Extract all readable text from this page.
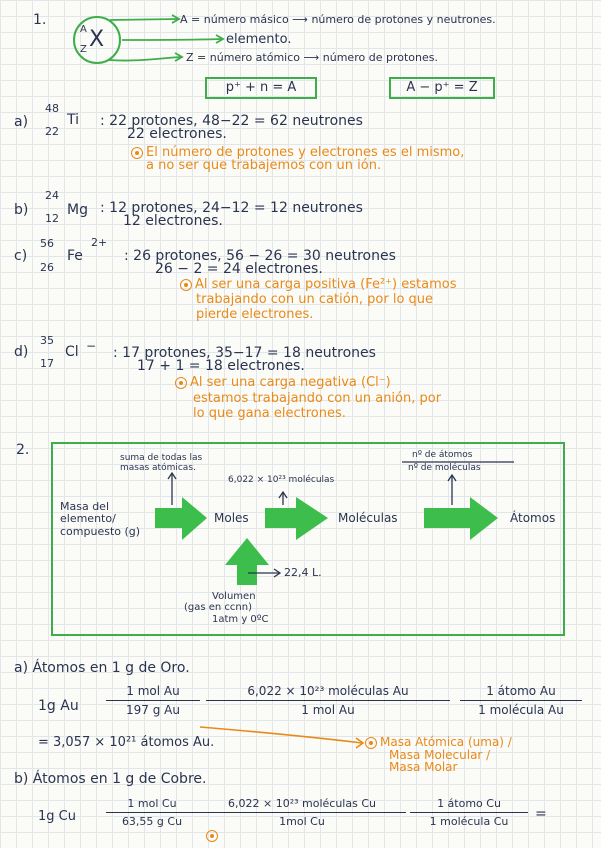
1.
A X
Z
A = número másico ⟶ número de protones y neutrones.
elemento.
Z = número atómico ⟶ número de protones.
p⁺ + n = A	A − p⁺ = Z
a)
48
22
Ti : 22 protones, 48−22 = 62 neutrones
22 electrones.
El número de protones y electrones es el mismo,
a no ser que trabajemos con un ión.
b)
24
12
Mg : 12 protones, 24−12 = 12 neutrones
12 electrones.
c)
56
26
Fe
2+
: 26 protones, 56 − 26 = 30 neutrones
26 − 2 = 24 electrones.
Al ser una carga positiva (Fe²⁺) estamos
trabajando con un catión, por lo que
pierde electrones.
d)
35
17
Cl − : 17 protones, 35−17 = 18 neutrones
17 + 1 = 18 electrones.
Al ser una carga negativa (Cl⁻)
estamos trabajando con un anión, por
lo que gana electrones.
2.	suma de todas las
masas atómicas.
6,022 × 10²³ moléculas
nº de átomos
nº de moléculas
Masa del
elemento/
compuesto (g)
Moles	Moléculas	Átomos
22,4 L.
Volumen
(gas en ccnn)
1atm y 0ºC
a) Átomos en 1 g de Oro.
1g Au
1 mol Au
197 g Au
6,022 × 10²³ moléculas Au
1 mol Au
1 átomo Au
1 molécula Au
= 3,057 × 10²¹ átomos Au.	Masa Atómica (uma) /
Masa Molecular /
Masa Molar
b) Átomos en 1 g de Cobre.
1g Cu
1 mol Cu
63,55 g Cu
6,022 × 10²³ moléculas Cu
1mol Cu
1 átomo Cu
1 molécula Cu	=
